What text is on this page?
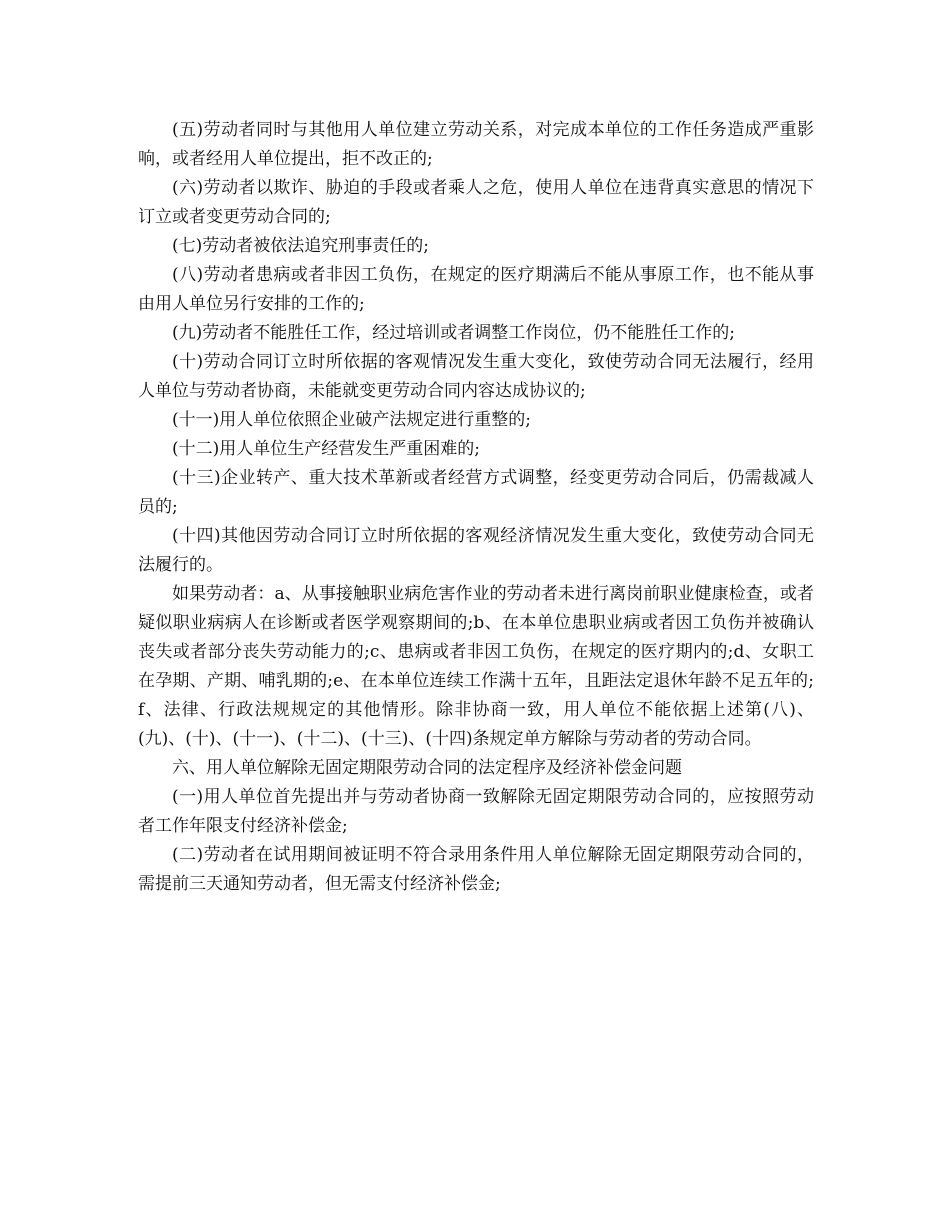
(五)劳动者同时与其他用人单位建立劳动关系，对完成本单位的工作任务造成严重影响，或者经用人单位提出，拒不改正的;

(六)劳动者以欺诈、胁迫的手段或者乘人之危，使用人单位在违背真实意思的情况下订立或者变更劳动合同的;

(七)劳动者被依法追究刑事责任的;

(八)劳动者患病或者非因工负伤，在规定的医疗期满后不能从事原工作，也不能从事由用人单位另行安排的工作的;

(九)劳动者不能胜任工作，经过培训或者调整工作岗位，仍不能胜任工作的;

(十)劳动合同订立时所依据的客观情况发生重大变化，致使劳动合同无法履行，经用人单位与劳动者协商，未能就变更劳动合同内容达成协议的;

(十一)用人单位依照企业破产法规定进行重整的;

(十二)用人单位生产经营发生严重困难的;

(十三)企业转产、重大技术革新或者经营方式调整，经变更劳动合同后，仍需裁减人员的;

(十四)其他因劳动合同订立时所依据的客观经济情况发生重大变化，致使劳动合同无法履行的。

如果劳动者：a、从事接触职业病危害作业的劳动者未进行离岗前职业健康检查，或者疑似职业病病人在诊断或者医学观察期间的;b、在本单位患职业病或者因工负伤并被确认丧失或者部分丧失劳动能力的;c、患病或者非因工负伤，在规定的医疗期内的;d、女职工在孕期、产期、哺乳期的;e、在本单位连续工作满十五年，且距法定退休年龄不足五年的;f、法律、行政法规规定的其他情形。除非协商一致，用人单位不能依据上述第(八)、(九)、(十)、(十一)、(十二)、(十三)、(十四)条规定单方解除与劳动者的劳动合同。

六、用人单位解除无固定期限劳动合同的法定程序及经济补偿金问题

(一)用人单位首先提出并与劳动者协商一致解除无固定期限劳动合同的，应按照劳动者工作年限支付经济补偿金;

(二)劳动者在试用期间被证明不符合录用条件用人单位解除无固定期限劳动合同的，需提前三天通知劳动者，但无需支付经济补偿金;
